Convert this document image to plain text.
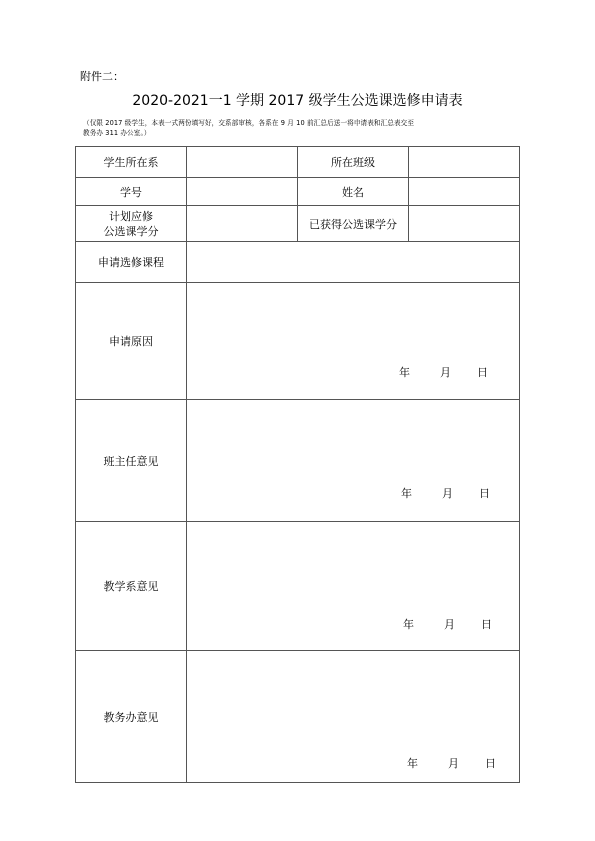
附件二：
2020-2021一1 学期 2017 级学生公选课选修申请表
（仅限 2017 级学生，本表一式两份填写好，交系部审核，各系在 9 月 10 前汇总后送一将申请表和汇总表交至
教务办 311 办公室。）
学生所在系		所在班级	
学号		姓名	

计划应修
公选课学分		已获得公选课学分	
申请选修课程			
申请原因	年 月 日		

班主任意见	年 月 日		

教学系意见	年 月 日		

教务办意见	年 月 日		
